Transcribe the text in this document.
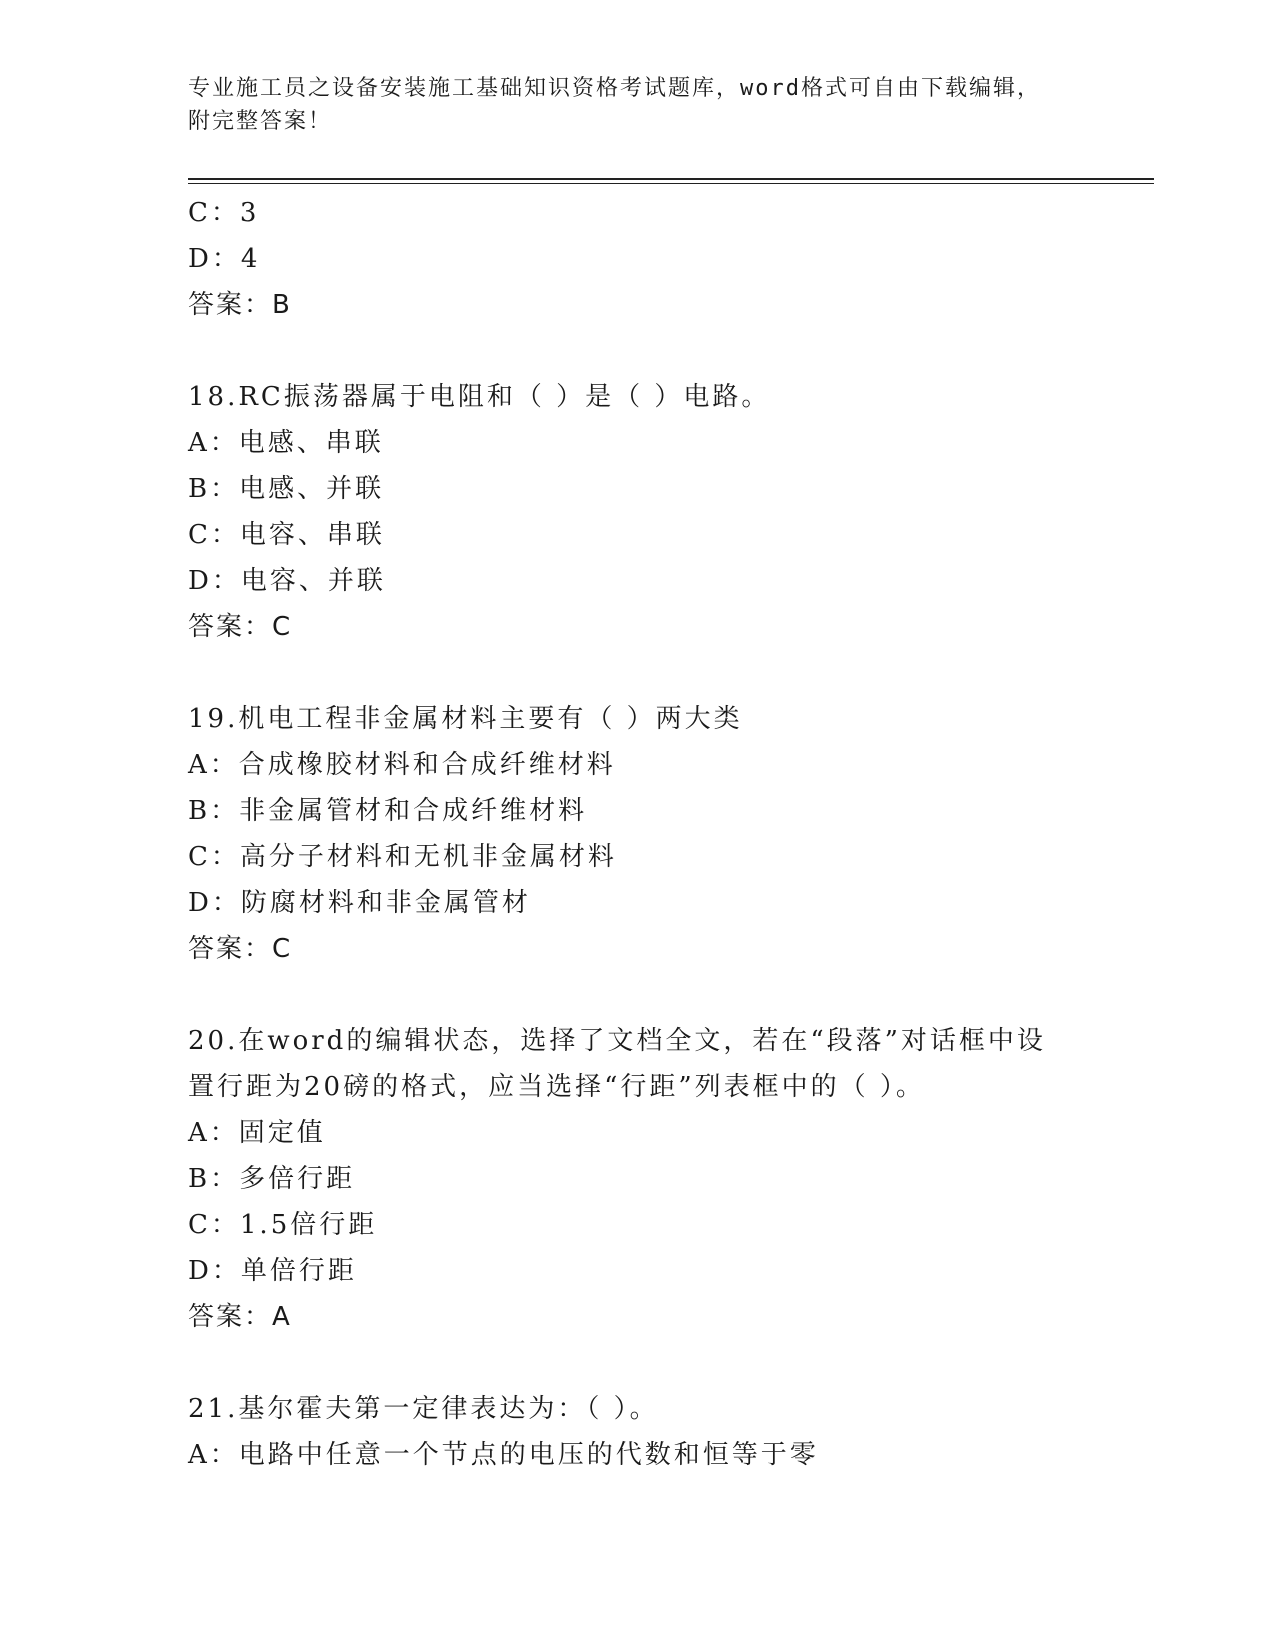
专业施工员之设备安装施工基础知识资格考试题库，word格式可自由下载编辑，
附完整答案！
C：3
D：4
答案：B
18.RC振荡器属于电阻和（ ）是（ ）电路。
A：电感、串联
B：电感、并联
C：电容、串联
D：电容、并联
答案：C
19.机电工程非金属材料主要有（ ）两大类
A：合成橡胶材料和合成纤维材料
B：非金属管材和合成纤维材料
C：高分子材料和无机非金属材料
D：防腐材料和非金属管材
答案：C
20.在word的编辑状态，选择了文档全文，若在“段落”对话框中设
置行距为20磅的格式，应当选择“行距”列表框中的（ ）。
A：固定值
B：多倍行距
C：1.5倍行距
D：单倍行距
答案：A
21.基尔霍夫第一定律表达为：（ ）。
A：电路中任意一个节点的电压的代数和恒等于零
